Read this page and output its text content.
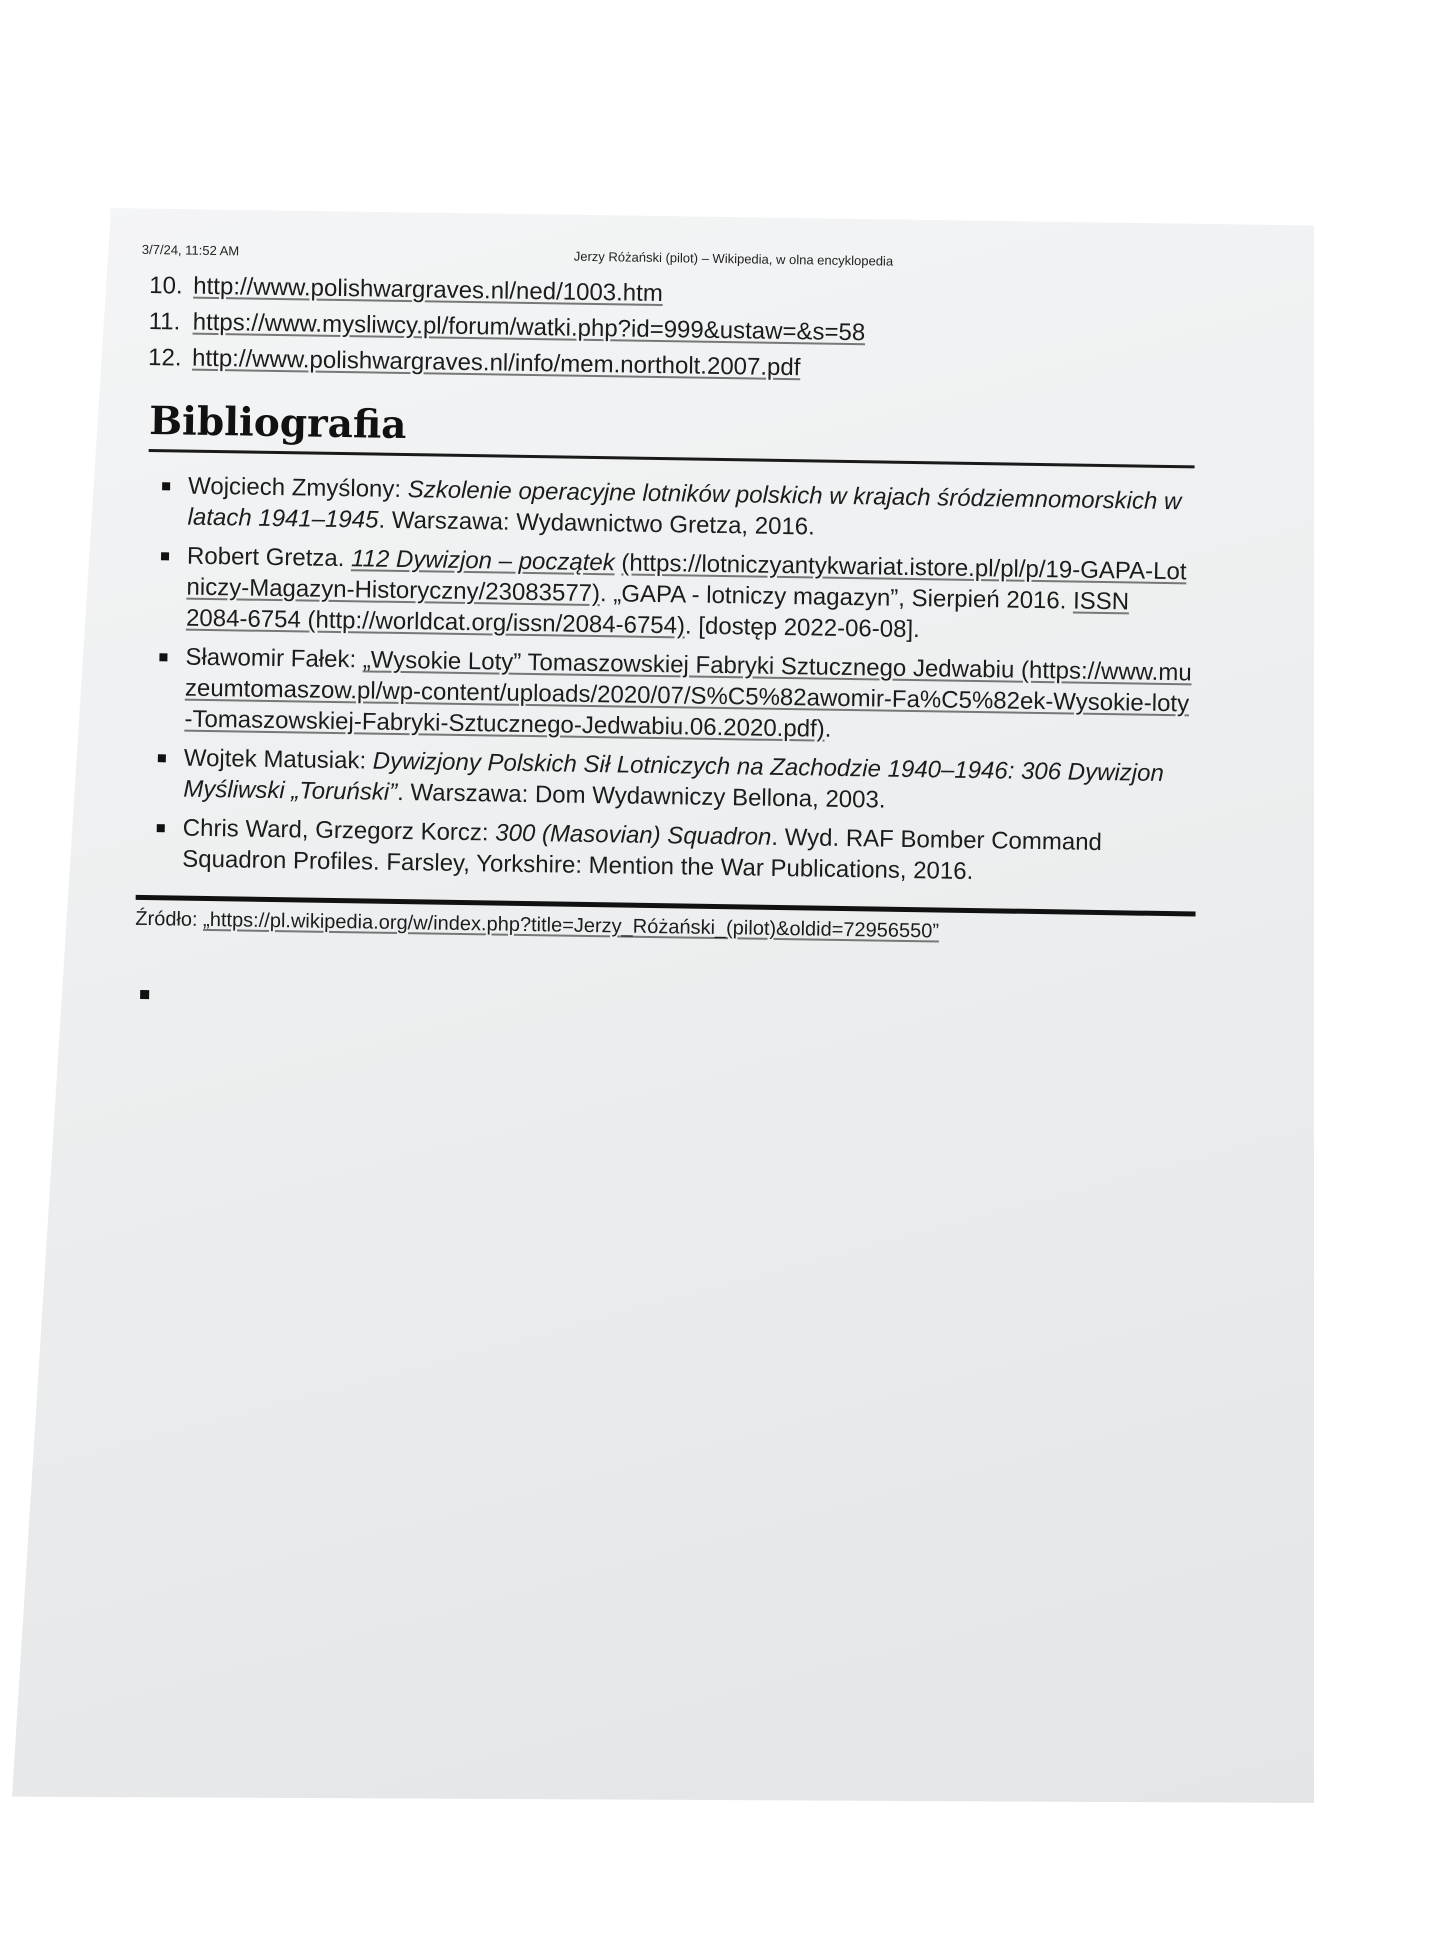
3/7/24, 11:52 AM	Jerzy Różański (pilot) – Wikipedia, w olna encyklopedia
10. http://www.polishwargraves.nl/ned/1003.htm
11. https://www.mysliwcy.pl/forum/watki.php?id=999&ustaw=&s=58
12. http://www.polishwargraves.nl/info/mem.northolt.2007.pdf
Bibliografia
Wojciech Zmyślony: Szkolenie operacyjne lotników polskich w krajach śródziemnomorskich w latach 1941–1945. Warszawa: Wydawnictwo Gretza, 2016.
Robert Gretza. 112 Dywizjon – początek (https://lotniczyantykwariat.istore.pl/pl/p/19-GAPA-Lotniczy-Magazyn-Historyczny/23083577). „GAPA - lotniczy magazyn”, Sierpień 2016. ISSN 2084-6754 (http://worldcat.org/issn/2084-6754). [dostęp 2022-06-08].
Sławomir Fałek: „Wysokie Loty” Tomaszowskiej Fabryki Sztucznego Jedwabiu (https://www.muzeumtomaszow.pl/wp-content/uploads/2020/07/S%C5%82awomir-Fa%C5%82ek-Wysokie-loty-Tomaszowskiej-Fabryki-Sztucznego-Jedwabiu.06.2020.pdf).
Wojtek Matusiak: Dywizjony Polskich Sił Lotniczych na Zachodzie 1940–1946: 306 Dywizjon Myśliwski „Toruński”. Warszawa: Dom Wydawniczy Bellona, 2003.
Chris Ward, Grzegorz Korcz: 300 (Masovian) Squadron. Wyd. RAF Bomber Command Squadron Profiles. Farsley, Yorkshire: Mention the War Publications, 2016.
Źródło: „https://pl.wikipedia.org/w/index.php?title=Jerzy_Różański_(pilot)&oldid=72956550”
